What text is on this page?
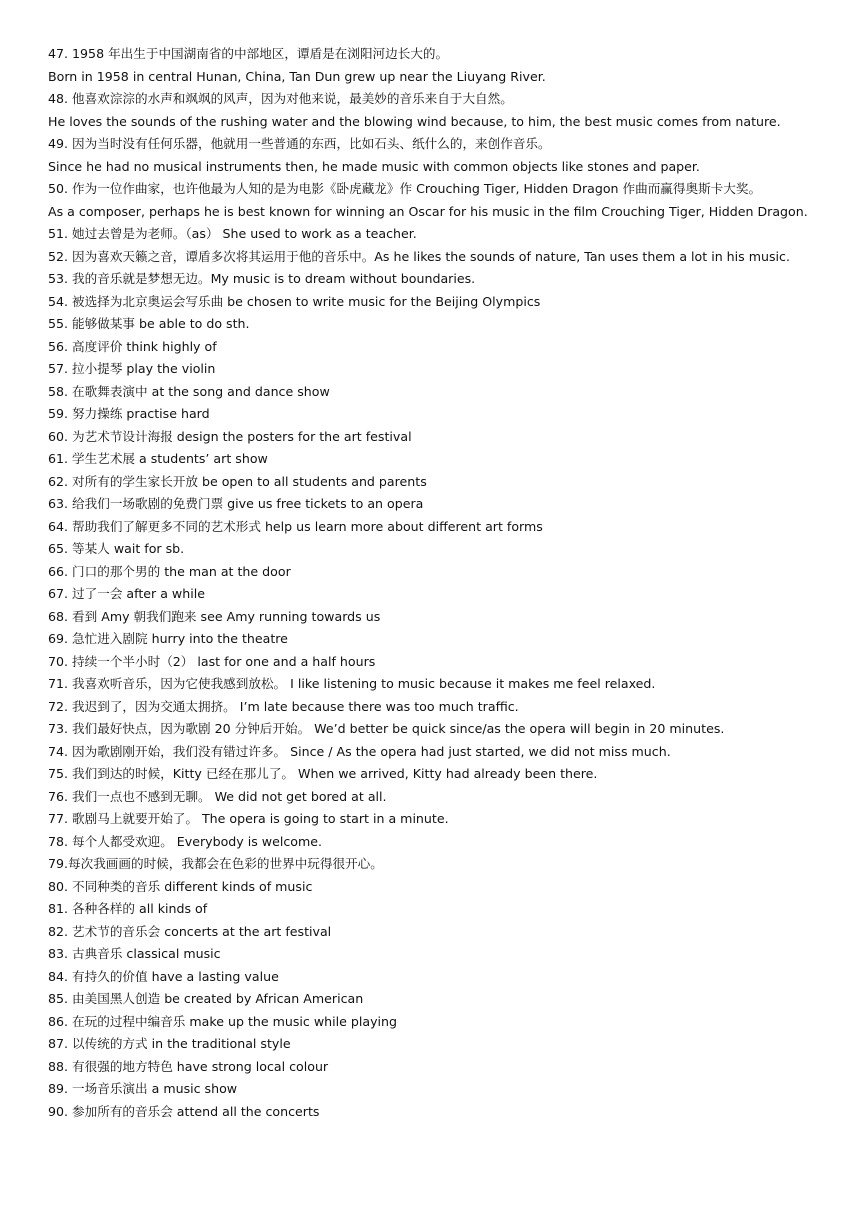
47. 1958 年出生于中国湖南省的中部地区，谭盾是在浏阳河边长大的。
Born in 1958 in central Hunan, China, Tan Dun grew up near the Liuyang River.
48. 他喜欢淙淙的水声和飒飒的风声，因为对他来说，最美妙的音乐来自于大自然。
He loves the sounds of the rushing water and the blowing wind because, to him, the best music comes from nature.
49. 因为当时没有任何乐器，他就用一些普通的东西，比如石头、纸什么的，来创作音乐。
Since he had no musical instruments then, he made music with common objects like stones and paper.
50. 作为一位作曲家，也许他最为人知的是为电影《卧虎藏龙》作 Crouching Tiger, Hidden Dragon 作曲而赢得奥斯卡大奖。
As a composer, perhaps he is best known for winning an Oscar for his music in the film Crouching Tiger, Hidden Dragon.
51. 她过去曾是为老师。（as） She used to work as a teacher.
52. 因为喜欢天籁之音，谭盾多次将其运用于他的音乐中。As he likes the sounds of nature, Tan uses them a lot in his music.
53. 我的音乐就是梦想无边。My music is to dream without boundaries.
54. 被选择为北京奥运会写乐曲 be chosen to write music for the Beijing Olympics
55. 能够做某事 be able to do sth.
56. 高度评价 think highly of
57. 拉小提琴 play the violin
58. 在歌舞表演中 at the song and dance show
59. 努力操练 practise hard
60. 为艺术节设计海报 design the posters for the art festival
61. 学生艺术展 a students’ art show
62. 对所有的学生家长开放 be open to all students and parents
63. 给我们一场歌剧的免费门票 give us free tickets to an opera
64. 帮助我们了解更多不同的艺术形式 help us learn more about different art forms
65. 等某人 wait for sb.
66. 门口的那个男的 the man at the door
67. 过了一会 after a while
68. 看到 Amy 朝我们跑来 see Amy running towards us
69. 急忙进入剧院 hurry into the theatre
70. 持续一个半小时（2） last for one and a half hours
71. 我喜欢听音乐，因为它使我感到放松。 I like listening to music because it makes me feel relaxed.
72. 我迟到了，因为交通太拥挤。 I’m late because there was too much traffic.
73. 我们最好快点，因为歌剧 20 分钟后开始。 We’d better be quick since/as the opera will begin in 20 minutes.
74. 因为歌剧刚开始，我们没有错过许多。 Since / As the opera had just started, we did not miss much.
75. 我们到达的时候，Kitty 已经在那儿了。 When we arrived, Kitty had already been there.
76. 我们一点也不感到无聊。 We did not get bored at all.
77. 歌剧马上就要开始了。 The opera is going to start in a minute.
78. 每个人都受欢迎。 Everybody is welcome.
79.每次我画画的时候，我都会在色彩的世界中玩得很开心。
80. 不同种类的音乐 different kinds of music
81. 各种各样的 all kinds of
82. 艺术节的音乐会 concerts at the art festival
83. 古典音乐 classical music
84. 有持久的价值 have a lasting value
85. 由美国黑人创造 be created by African American
86. 在玩的过程中编音乐 make up the music while playing
87. 以传统的方式 in the traditional style
88. 有很强的地方特色 have strong local colour
89. 一场音乐演出 a music show
90. 参加所有的音乐会 attend all the concerts
